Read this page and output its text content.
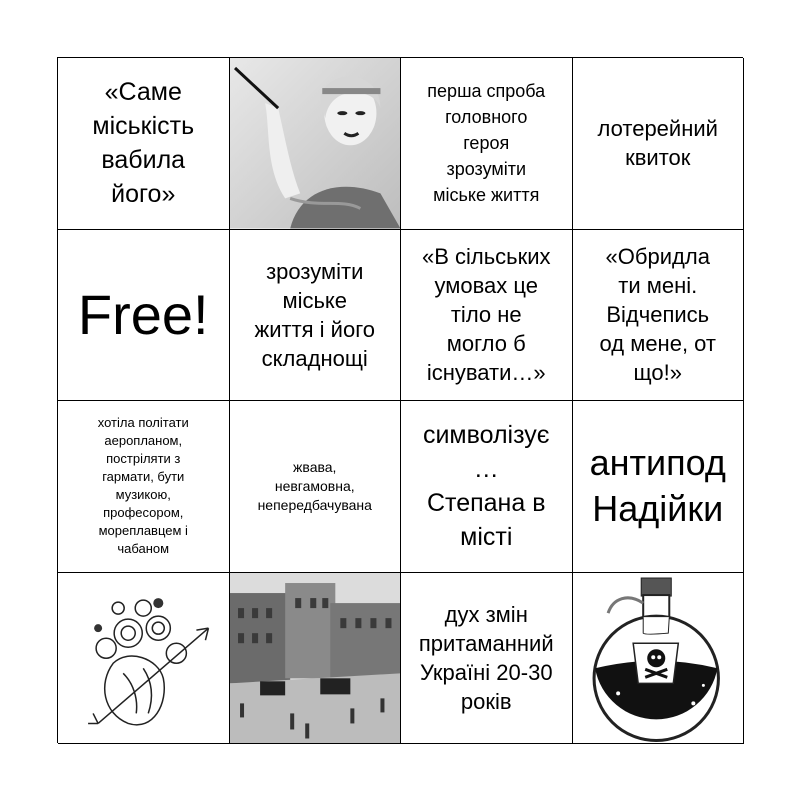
«Саме
міськість
вабила
його»
перша спроба
головного
героя
зрозуміти
міське життя
лотерейний
квиток
Free!
зрозуміти
міське
життя і його
складнощі
«В сільських
умовах це
тіло не
могло б
існувати…»
«Обридла
ти мені.
Відчепись
од мене, от
що!»
хотіла політати
аеропланом,
постріляти з
гармати, бути
музикою,
професором,
мореплавцем і
чабаном
жвава,
невгамовна,
непередбачувана
символізує
…
Степана в
місті
антипод
Надійки
дух змін
притаманний
Україні 20-30
років
